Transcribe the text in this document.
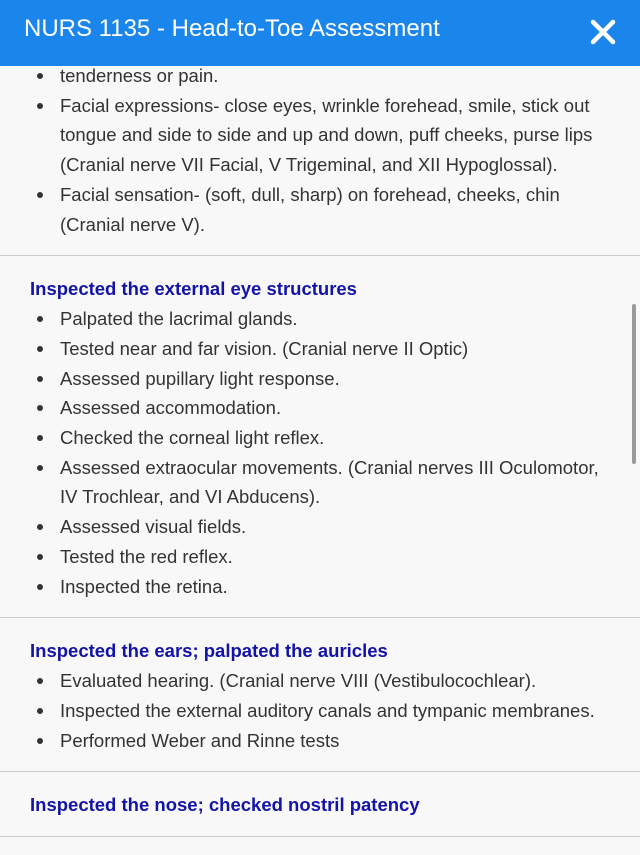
NURS 1135 - Head-to-Toe Assessment
tenderness or pain.
Facial expressions- close eyes, wrinkle forehead, smile, stick out tongue and side to side and up and down, puff cheeks, purse lips (Cranial nerve VII Facial, V Trigeminal, and XII Hypoglossal).
Facial sensation- (soft, dull, sharp) on forehead, cheeks, chin (Cranial nerve V).
Inspected the external eye structures
Palpated the lacrimal glands.
Tested near and far vision. (Cranial nerve II Optic)
Assessed pupillary light response.
Assessed accommodation.
Checked the corneal light reflex.
Assessed extraocular movements. (Cranial nerves III Oculomotor, IV Trochlear, and VI Abducens).
Assessed visual fields.
Tested the red reflex.
Inspected the retina.
Inspected the ears; palpated the auricles
Evaluated hearing. (Cranial nerve VIII (Vestibulocochlear).
Inspected the external auditory canals and tympanic membranes.
Performed Weber and Rinne tests
Inspected the nose; checked nostril patency
